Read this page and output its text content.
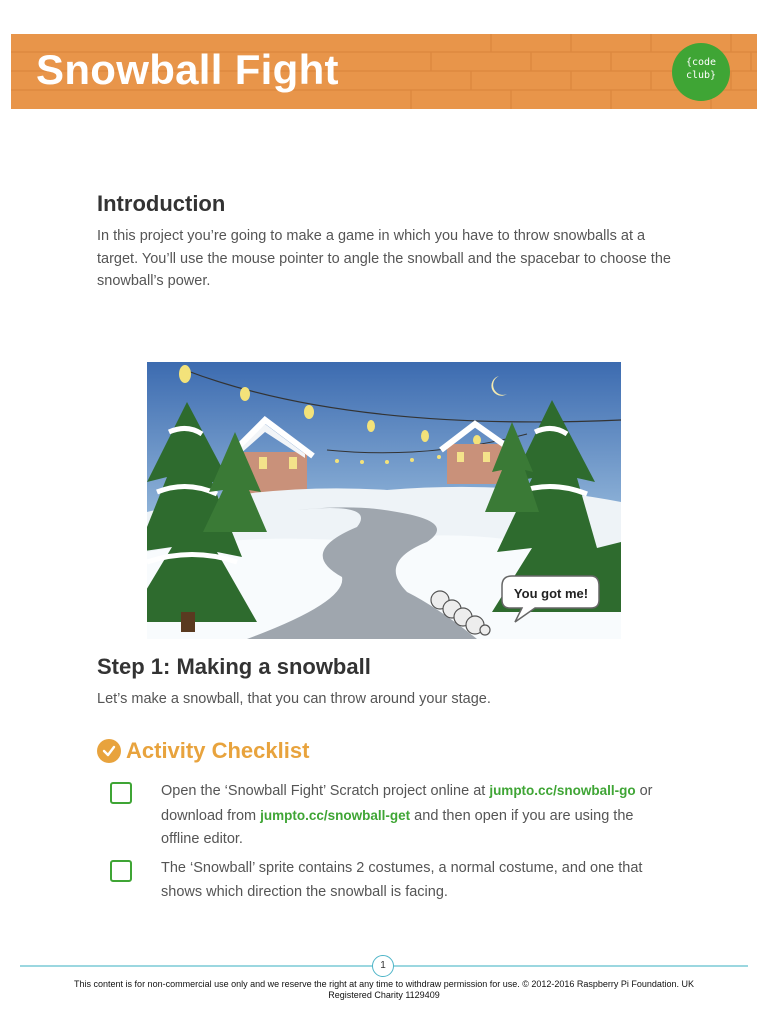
Snowball Fight	{code
club}
Introduction
In this project you’re going to make a game in which you have to throw snowballs at a target. You’ll use the mouse pointer to angle the snowball and the spacebar to choose the snowball’s power.
You got me!
Step 1: Making a snowball
Let’s make a snowball, that you can throw around your stage.
Activity Checklist
Open the ‘Snowball Fight’ Scratch project online at jumpto.cc/snowball-go or download from jumpto.cc/snowball-get and then open if you are using the offline editor.
The ‘Snowball’ sprite contains 2 costumes, a normal costume, and one that shows which direction the snowball is facing.
1
This content is for non-commercial use only and we reserve the right at any time to withdraw permission for use. © 2012-2016 Raspberry Pi Foundation. UK
Registered Charity 1129409
